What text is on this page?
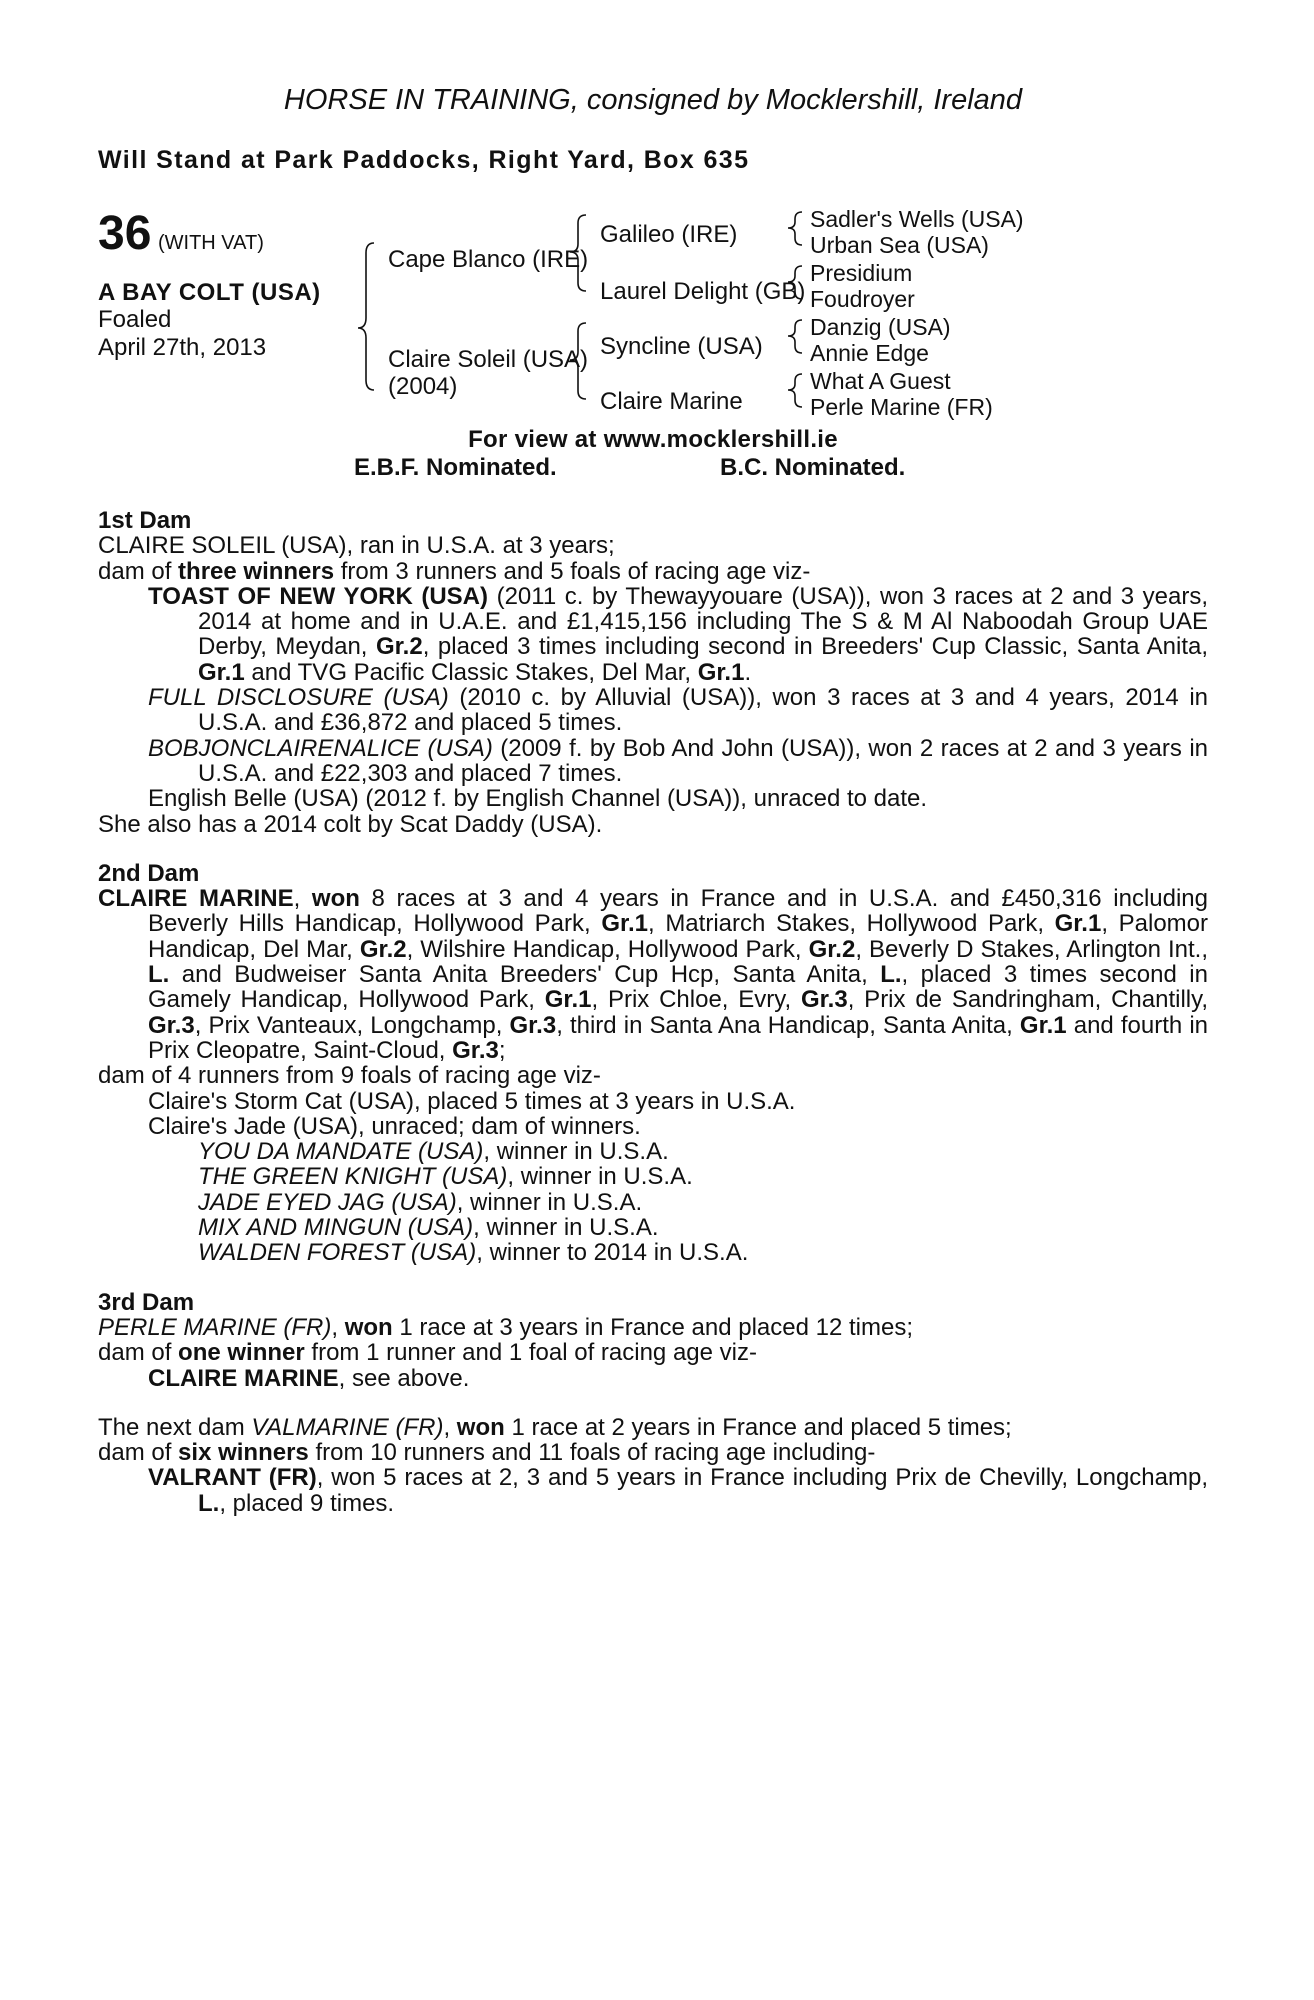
HORSE IN TRAINING, consigned by Mocklershill, Ireland
Will Stand at Park Paddocks, Right Yard, Box 635
36 (WITH VAT)
A BAY COLT (USA)
Foaled
April 27th, 2013
Cape Blanco (IRE)
Claire Soleil (USA)
(2004)
Galileo (IRE)
Laurel Delight (GB)
Syncline (USA)
Claire Marine
Sadler's Wells (USA)
Urban Sea (USA)
Presidium
Foudroyer
Danzig (USA)
Annie Edge
What A Guest
Perle Marine (FR)
For view at www.mocklershill.ie
E.B.F. Nominated.	B.C. Nominated.

1st Dam

CLAIRE SOLEIL (USA), ran in U.S.A. at 3 years;

dam of three winners from 3 runners and 5 foals of racing age viz-

TOAST OF NEW YORK (USA) (2011 c. by Thewayyouare (USA)), won 3 races at 2 and 3 years, 2014 at home and in U.A.E. and £1,415,156 including The S & M Al Naboodah Group UAE Derby, Meydan, Gr.2, placed 3 times including second in Breeders' Cup Classic, Santa Anita, Gr.1 and TVG Pacific Classic Stakes, Del Mar, Gr.1.

FULL DISCLOSURE (USA) (2010 c. by Alluvial (USA)), won 3 races at 3 and 4 years, 2014 in U.S.A. and £36,872 and placed 5 times.

BOBJONCLAIRENALICE (USA) (2009 f. by Bob And John (USA)), won 2 races at 2 and 3 years in U.S.A. and £22,303 and placed 7 times.

English Belle (USA) (2012 f. by English Channel (USA)), unraced to date.

She also has a 2014 colt by Scat Daddy (USA).

2nd Dam

CLAIRE MARINE, won 8 races at 3 and 4 years in France and in U.S.A. and £450,316 including Beverly Hills Handicap, Hollywood Park, Gr.1, Matriarch Stakes, Hollywood Park, Gr.1, Palomor Handicap, Del Mar, Gr.2, Wilshire Handicap, Hollywood Park, Gr.2, Beverly D Stakes, Arlington Int., L. and Budweiser Santa Anita Breeders' Cup Hcp, Santa Anita, L., placed 3 times second in Gamely Handicap, Hollywood Park, Gr.1, Prix Chloe, Evry, Gr.3, Prix de Sandringham, Chantilly, Gr.3, Prix Vanteaux, Longchamp, Gr.3, third in Santa Ana Handicap, Santa Anita, Gr.1 and fourth in Prix Cleopatre, Saint-Cloud, Gr.3;

dam of 4 runners from 9 foals of racing age viz-

Claire's Storm Cat (USA), placed 5 times at 3 years in U.S.A.

Claire's Jade (USA), unraced; dam of winners.

YOU DA MANDATE (USA), winner in U.S.A.

THE GREEN KNIGHT (USA), winner in U.S.A.

JADE EYED JAG (USA), winner in U.S.A.

MIX AND MINGUN (USA), winner in U.S.A.

WALDEN FOREST (USA), winner to 2014 in U.S.A.

3rd Dam

PERLE MARINE (FR), won 1 race at 3 years in France and placed 12 times;

dam of one winner from 1 runner and 1 foal of racing age viz-

CLAIRE MARINE, see above.

The next dam VALMARINE (FR), won 1 race at 2 years in France and placed 5 times;

dam of six winners from 10 runners and 11 foals of racing age including-

VALRANT (FR), won 5 races at 2, 3 and 5 years in France including Prix de Chevilly, Longchamp, L., placed 9 times.
